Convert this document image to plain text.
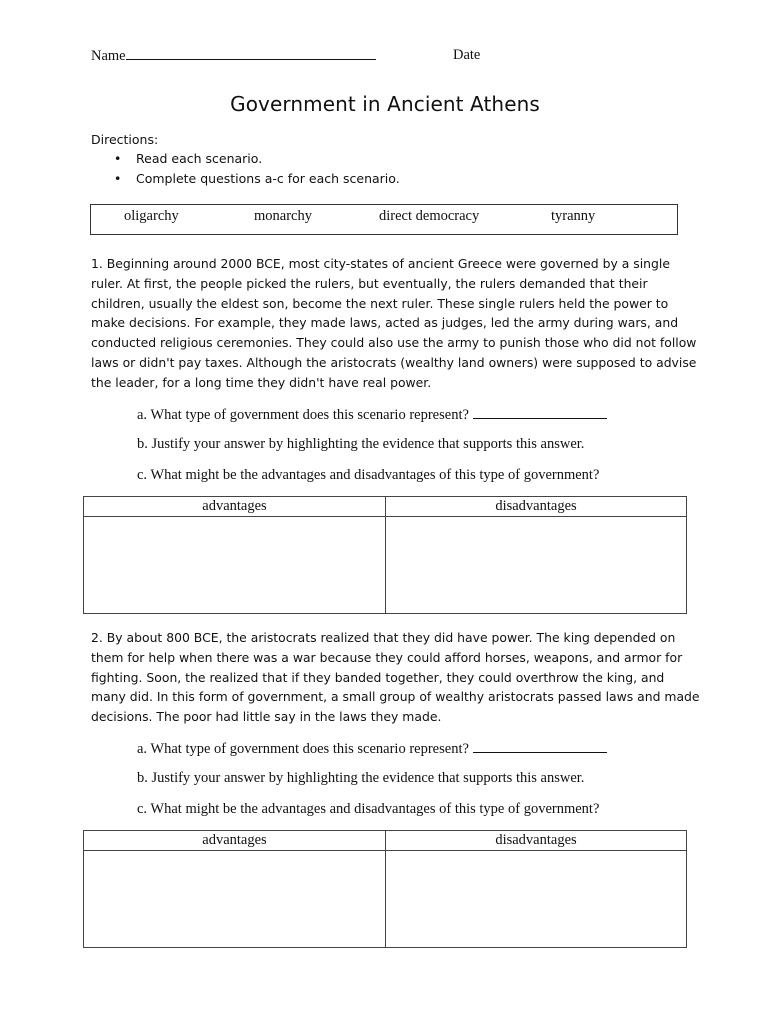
Name	Date
Government in Ancient Athens
Directions:
• Read each scenario.
• Complete questions a-c for each scenario.
oligarchy	monarchy	direct democracy	tyranny

1. Beginning around 2000 BCE, most city-states of ancient Greece were governed by a single

ruler. At first, the people picked the rulers, but eventually, the rulers demanded that their

children, usually the eldest son, become the next ruler. These single rulers held the power to

make decisions. For example, they made laws, acted as judges, led the army during wars, and

conducted religious ceremonies. They could also use the army to punish those who did not follow

laws or didn't pay taxes. Although the aristocrats (wealthy land owners) were supposed to advise

the leader, for a long time they didn't have real power.

a. What type of government does this scenario represent?
b. Justify your answer by highlighting the evidence that supports this answer.
c. What might be the advantages and disadvantages of this type of government?
advantages	disadvantages

2. By about 800 BCE, the aristocrats realized that they did have power. The king depended on

them for help when there was a war because they could afford horses, weapons, and armor for

fighting. Soon, the realized that if they banded together, they could overthrow the king, and

many did. In this form of government, a small group of wealthy aristocrats passed laws and made

decisions. The poor had little say in the laws they made.

a. What type of government does this scenario represent?
b. Justify your answer by highlighting the evidence that supports this answer.
c. What might be the advantages and disadvantages of this type of government?
advantages	disadvantages
